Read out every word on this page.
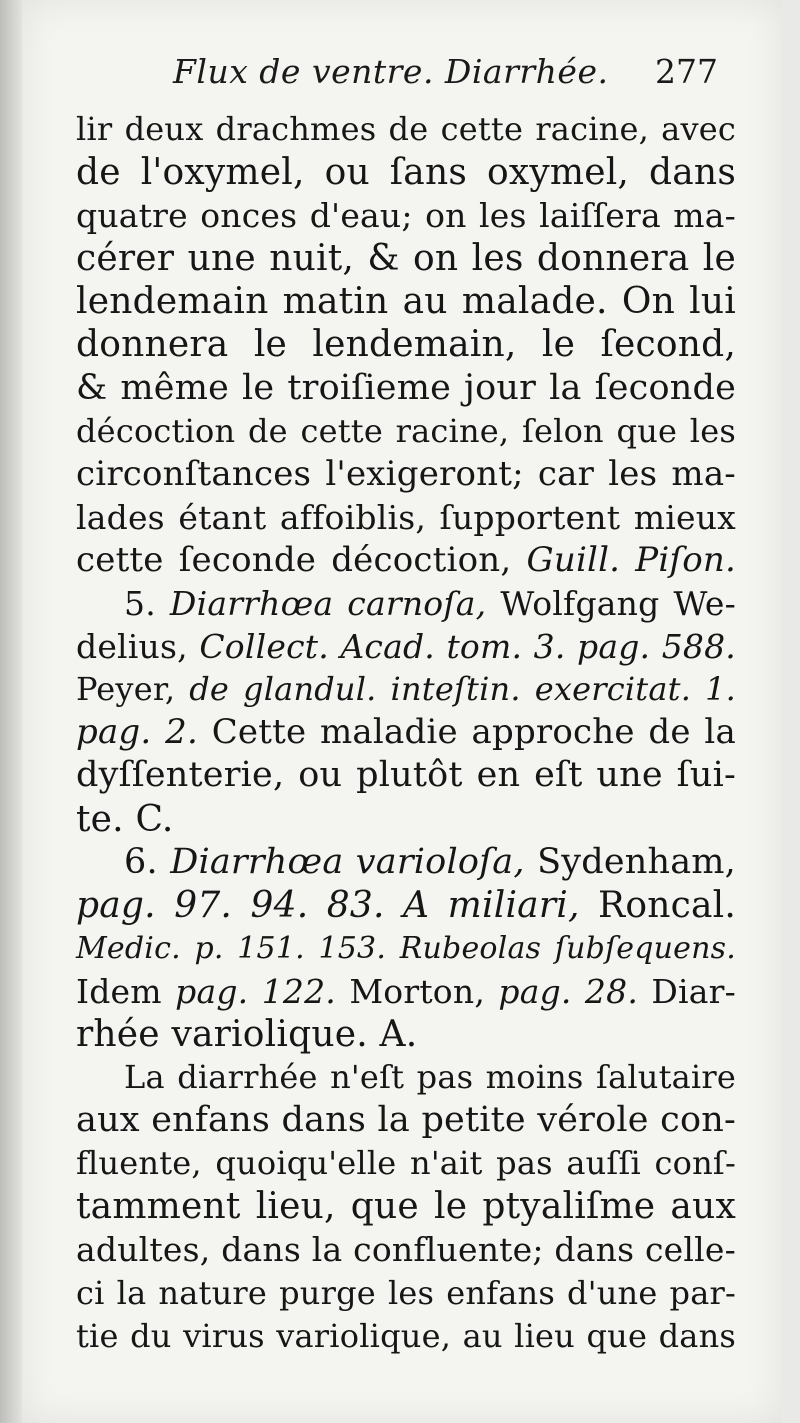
Flux de ventre. Diarrhée. 277
lir deux drachmes de cette racine, avec
de l'oxymel, ou ſans oxymel, dans
quatre onces d'eau; on les laiſſera ma-
cérer une nuit, & on les donnera le
lendemain matin au malade. On lui
donnera le lendemain, le ſecond,
& même le troiſieme jour la ſeconde
décoction de cette racine, ſelon que les
circonſtances l'exigeront; car les ma-
lades étant affoiblis, ſupportent mieux
cette ſeconde décoction, Guill. Piſon.
5. Diarrhœa carnoſa, Wolfgang We-
delius, Collect. Acad. tom. 3. pag. 588.
Peyer, de glandul. inteſtin. exercitat. 1.
pag. 2. Cette maladie approche de la
dyſſenterie, ou plutôt en eſt une ſui-
te. C.
6. Diarrhœa varioloſa, Sydenham,
pag. 97. 94. 83. A miliari, Roncal.
Medic. p. 151. 153. Rubeolas ſubſequens.
Idem pag. 122. Morton, pag. 28. Diar-
rhée variolique. A.
La diarrhée n'eſt pas moins ſalutaire
aux enfans dans la petite vérole con-
fluente, quoiqu'elle n'ait pas auſſi conſ-
tamment lieu, que le ptyaliſme aux
adultes, dans la confluente; dans celle-
ci la nature purge les enfans d'une par-
tie du virus variolique, au lieu que dans
